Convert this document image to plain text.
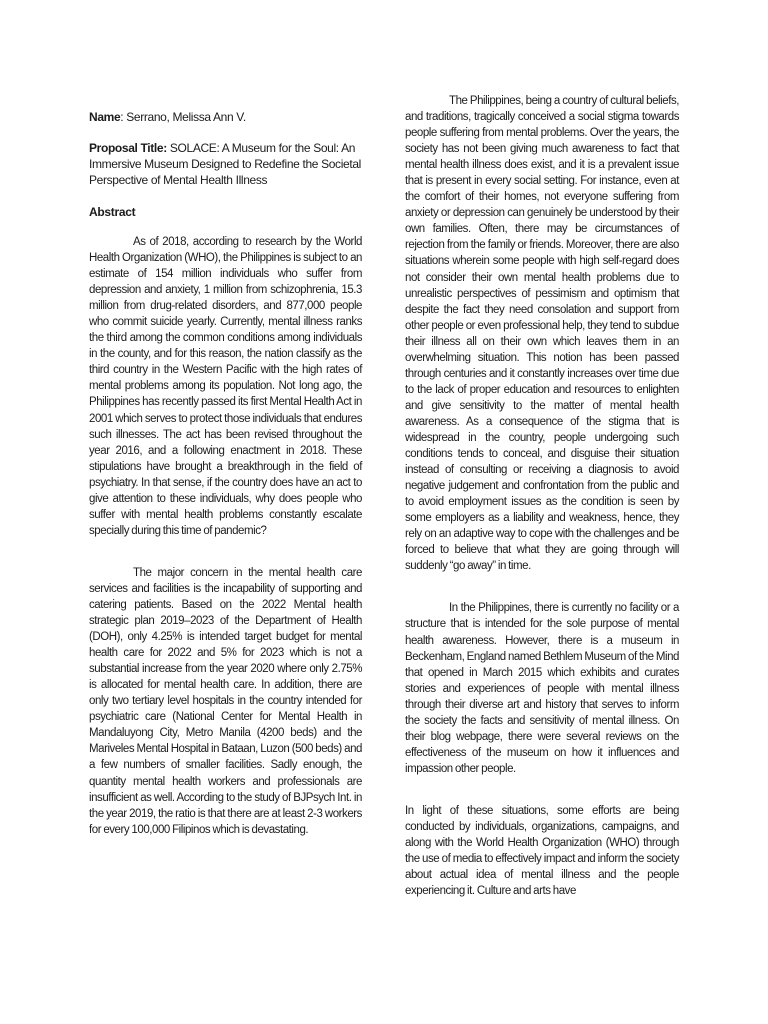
Name: Serrano, Melissa Ann V.
Proposal Title: SOLACE: A Museum for the Soul: An Immersive Museum Designed to Redefine the Societal Perspective of Mental Health Illness
Abstract

As of 2018, according to research by the World Health Organization (WHO), the Philippines is subject to an estimate of 154 million individuals who suffer from depression and anxiety, 1 million from schizophrenia, 15.3 million from drug-related disorders, and 877,000 people who commit suicide yearly. Currently, mental illness ranks the third among the common conditions among individuals in the county, and for this reason, the nation classify as the third country in the Western Pacific with the high rates of mental problems among its population. Not long ago, the Philippines has recently passed its first Mental Health Act in 2001 which serves to protect those individuals that endures such illnesses. The act has been revised throughout the year 2016, and a following enactment in 2018. These stipulations have brought a breakthrough in the field of psychiatry. In that sense, if the country does have an act to give attention to these individuals, why does people who suffer with mental health problems constantly escalate specially during this time of pandemic?

The major concern in the mental health care services and facilities is the incapability of supporting and catering patients. Based on the 2022 Mental health strategic plan 2019–2023 of the Department of Health (DOH), only 4.25% is intended target budget for mental health care for 2022 and 5% for 2023 which is not a substantial increase from the year 2020 where only 2.75% is allocated for mental health care. In addition, there are only two tertiary level hospitals in the country intended for psychiatric care (National Center for Mental Health in Mandaluyong City, Metro Manila (4200 beds) and the Mariveles Mental Hospital in Bataan, Luzon (500 beds) and a few numbers of smaller facilities. Sadly enough, the quantity mental health workers and professionals are insufficient as well. According to the study of BJPsych Int. in the year 2019, the ratio is that there are at least 2-3 workers for every 100,000 Filipinos which is devastating.

The Philippines, being a country of cultural beliefs, and traditions, tragically conceived a social stigma towards people suffering from mental problems. Over the years, the society has not been giving much awareness to fact that mental health illness does exist, and it is a prevalent issue that is present in every social setting. For instance, even at the comfort of their homes, not everyone suffering from anxiety or depression can genuinely be understood by their own families. Often, there may be circumstances of rejection from the family or friends. Moreover, there are also situations wherein some people with high self-regard does not consider their own mental health problems due to unrealistic perspectives of pessimism and optimism that despite the fact they need consolation and support from other people or even professional help, they tend to subdue their illness all on their own which leaves them in an overwhelming situation. This notion has been passed through centuries and it constantly increases over time due to the lack of proper education and resources to enlighten and give sensitivity to the matter of mental health awareness. As a consequence of the stigma that is widespread in the country, people undergoing such conditions tends to conceal, and disguise their situation instead of consulting or receiving a diagnosis to avoid negative judgement and confrontation from the public and to avoid employment issues as the condition is seen by some employers as a liability and weakness, hence, they rely on an adaptive way to cope with the challenges and be forced to believe that what they are going through will suddenly “go away” in time.

In the Philippines, there is currently no facility or a structure that is intended for the sole purpose of mental health awareness. However, there is a museum in Beckenham, England named Bethlem Museum of the Mind that opened in March 2015 which exhibits and curates stories and experiences of people with mental illness through their diverse art and history that serves to inform the society the facts and sensitivity of mental illness. On their blog webpage, there were several reviews on the effectiveness of the museum on how it influences and impassion other people.

In light of these situations, some efforts are being conducted by individuals, organizations, campaigns, and along with the World Health Organization (WHO) through the use of media to effectively impact and inform the society about actual idea of mental illness and the people experiencing it. Culture and arts have
